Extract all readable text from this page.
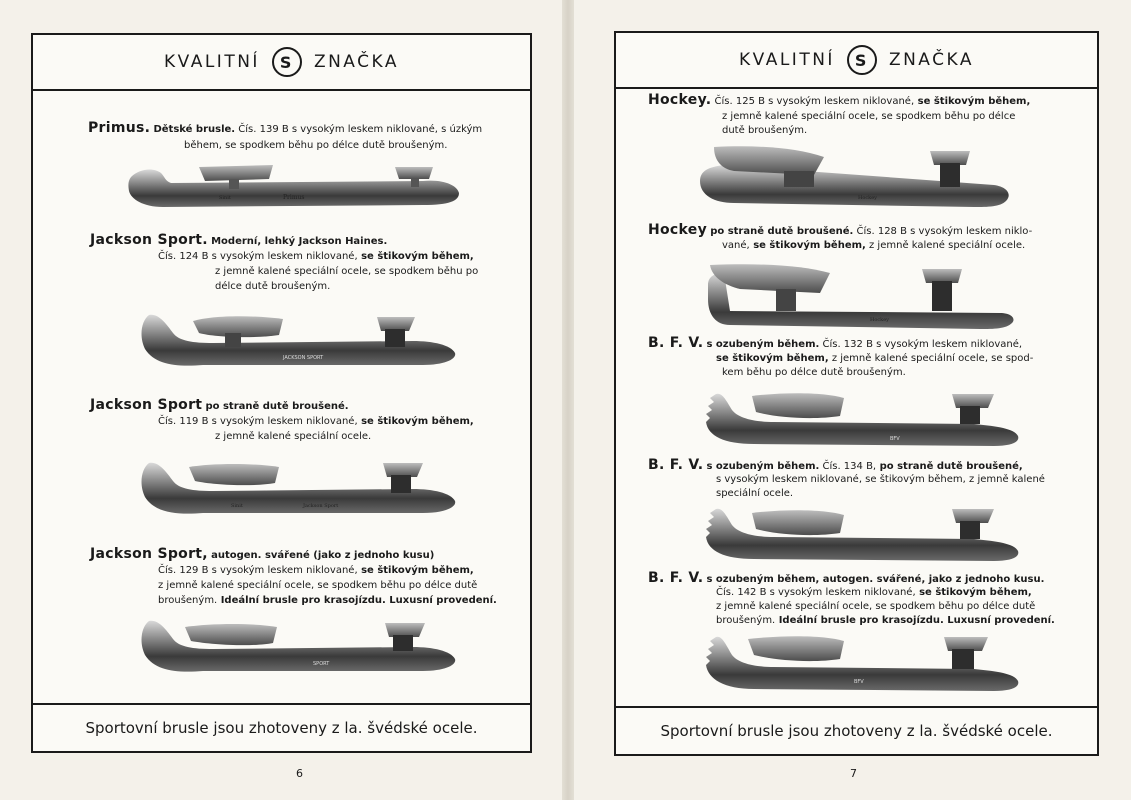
KVALITNÍ	S	ZNAČKA
Primus. Dětské brusle. Čís. 139 B s vysokým leskem niklované, s úzkým
během, se spodkem běhu po délce dutě broušeným.
Primus
Sinit
Jackson Sport. Moderní, lehký Jackson Haines.
Čís. 124 B s vysokým leskem niklované, se štikovým během,
z jemně kalené speciální ocele, se spodkem běhu po
délce dutě broušeným.
JACKSON SPORT
Jackson Sport po straně dutě broušené.
Čís. 119 B s vysokým leskem niklované, se štikovým během,
z jemně kalené speciální ocele.
Jackson Sport
Sinit
Jackson Sport, autogen. svářené (jako z jednoho kusu)
Čís. 129 B s vysokým leskem niklované, se štikovým během,
z jemně kalené speciální ocele, se spodkem běhu po délce dutě
broušeným. Ideální brusle pro krasojízdu. Luxusní provedení.
SPORT
Sportovní brusle jsou zhotoveny z la. švédské ocele.
6
KVALITNÍ	S	ZNAČKA
Hockey. Čís. 125 B s vysokým leskem niklované, se štikovým během,
z jemně kalené speciální ocele, se spodkem běhu po délce
dutě broušeným.
Hockey
Hockey po straně dutě broušené. Čís. 128 B s vysokým leskem niklo-
vané, se štikovým během, z jemně kalené speciální ocele.
Hockey
B. F. V. s ozubeným během. Čís. 132 B s vysokým leskem niklované,
se štikovým během, z jemně kalené speciální ocele, se spod-
kem běhu po délce dutě broušeným.
BFV
B. F. V. s ozubeným během. Čís. 134 B, po straně dutě broušené,
s vysokým leskem niklované, se štikovým během, z jemně kalené
speciální ocele.
B. F. V. s ozubeným během, autogen. svářené, jako z jednoho kusu.
Čís. 142 B s vysokým leskem niklované, se štikovým během,
z jemně kalené speciální ocele, se spodkem běhu po délce dutě
broušeným. Ideální brusle pro krasojízdu. Luxusní provedení.
BFV
Sportovní brusle jsou zhotoveny z la. švédské ocele.
7
